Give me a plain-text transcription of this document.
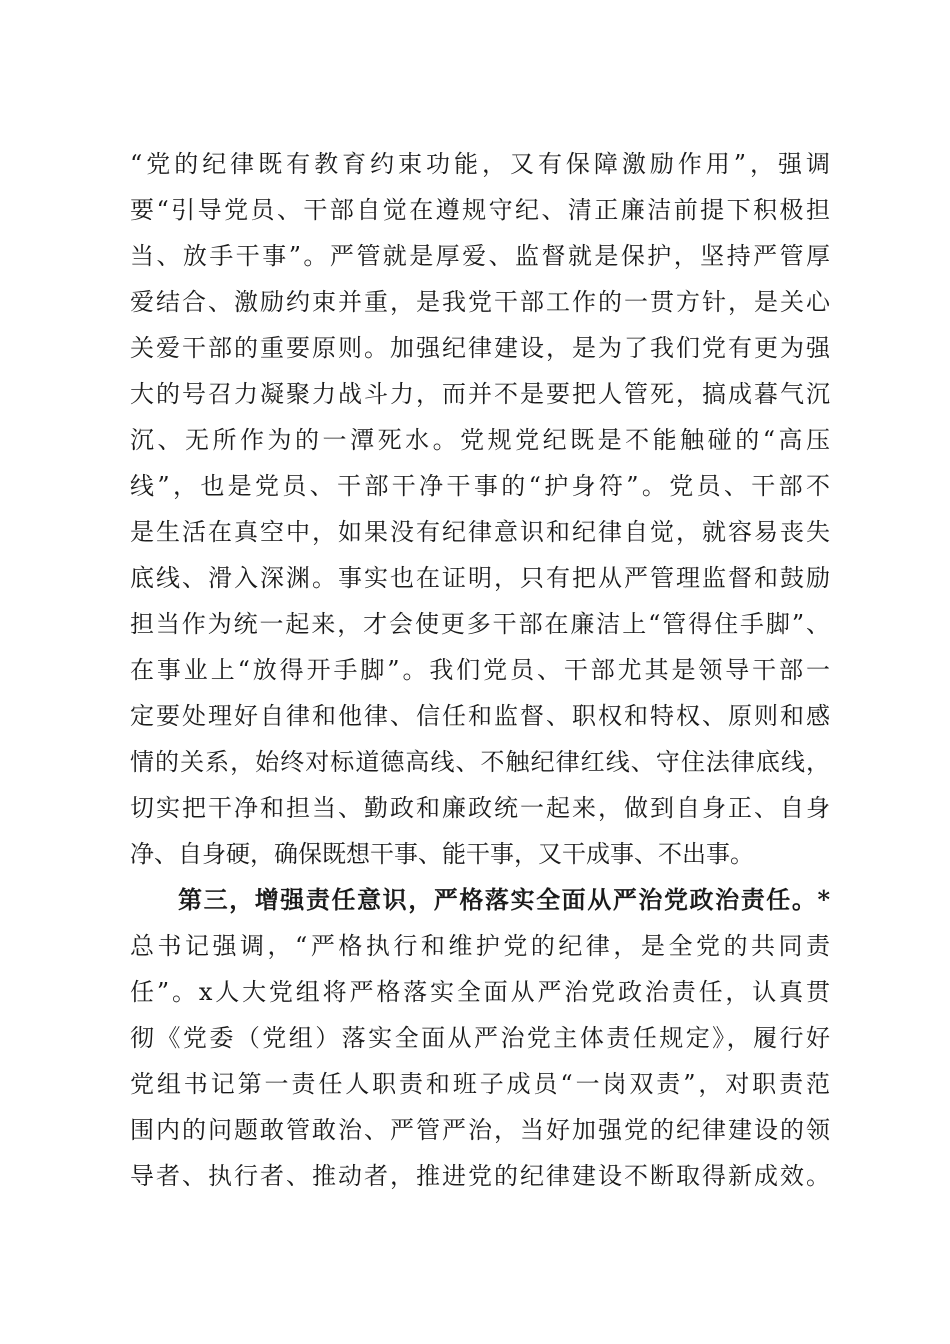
“党的纪律既有教育约束功能，又有保障激励作用”，强调
要“引导党员、干部自觉在遵规守纪、清正廉洁前提下积极担
当、放手干事”。严管就是厚爱、监督就是保护，坚持严管厚
爱结合、激励约束并重，是我党干部工作的一贯方针，是关心
关爱干部的重要原则。加强纪律建设，是为了我们党有更为强
大的号召力凝聚力战斗力，而并不是要把人管死，搞成暮气沉
沉、无所作为的一潭死水。党规党纪既是不能触碰的“高压
线”，也是党员、干部干净干事的“护身符”。党员、干部不
是生活在真空中，如果没有纪律意识和纪律自觉，就容易丧失
底线、滑入深渊。事实也在证明，只有把从严管理监督和鼓励
担当作为统一起来，才会使更多干部在廉洁上“管得住手脚”、
在事业上“放得开手脚”。我们党员、干部尤其是领导干部一
定要处理好自律和他律、信任和监督、职权和特权、原则和感
情的关系，始终对标道德高线、不触纪律红线、守住法律底线，
切实把干净和担当、勤政和廉政统一起来，做到自身正、自身
净、自身硬，确保既想干事、能干事，又干成事、不出事。
第三，增强责任意识，严格落实全面从严治党政治责任。*
总书记强调，“严格执行和维护党的纪律，是全党的共同责
任”。x人大党组将严格落实全面从严治党政治责任，认真贯
彻《党委（党组）落实全面从严治党主体责任规定》，履行好
党组书记第一责任人职责和班子成员“一岗双责”，对职责范
围内的问题敢管敢治、严管严治，当好加强党的纪律建设的领
导者、执行者、推动者，推进党的纪律建设不断取得新成效。
